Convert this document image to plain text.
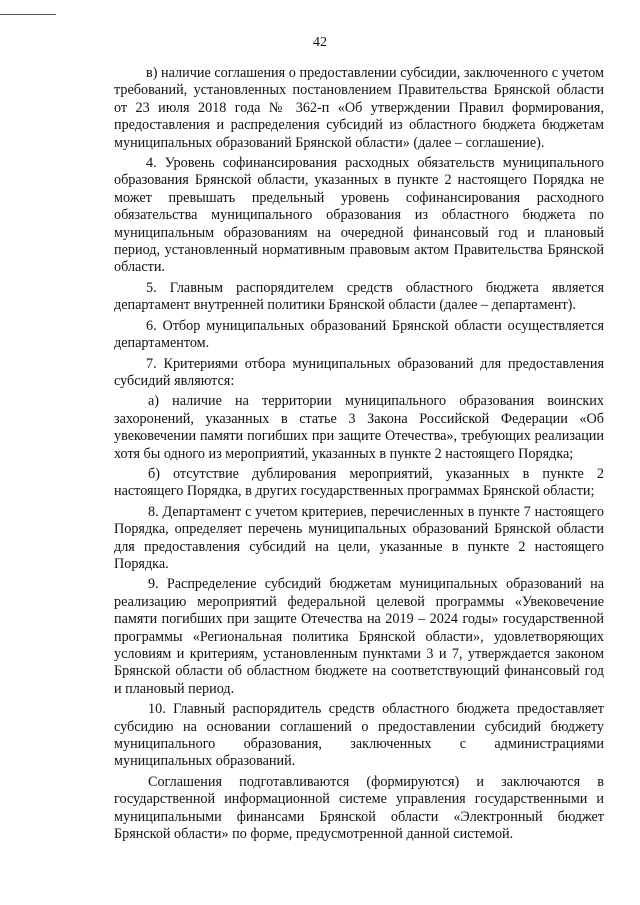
42

в) наличие соглашения о предоставлении субсидии, заключенного с учетом требований, установленных постановлением Правительства Брянской области от 23 июля 2018 года № 362-п «Об утверждении Правил формирования, предоставления и распределения субсидий из областного бюджета бюджетам муниципальных образований Брянской области» (далее – соглашение).

4. Уровень софинансирования расходных обязательств муниципального образования Брянской области, указанных в пункте 2 настоящего Порядка не может превышать предельный уровень софинансирования расходного обязательства муниципального образования из областного бюджета по муниципальным образованиям на очередной финансовый год и плановый период, установленный нормативным правовым актом Правительства Брянской области.

5. Главным распорядителем средств областного бюджета является департамент внутренней политики Брянской области (далее – департамент).

6. Отбор муниципальных образований Брянской области осуществляется департаментом.

7. Критериями отбора муниципальных образований для предоставления субсидий являются:

а) наличие на территории муниципального образования воинских захоронений, указанных в статье 3 Закона Российской Федерации «Об увековечении памяти погибших при защите Отечества», требующих реализации хотя бы одного из мероприятий, указанных в пункте 2 настоящего Порядка;

б) отсутствие дублирования мероприятий, указанных в пункте 2 настоящего Порядка, в других государственных программах Брянской области;

8. Департамент с учетом критериев, перечисленных в пункте 7 настоящего Порядка, определяет перечень муниципальных образований Брянской области для предоставления субсидий на цели, указанные в пункте 2 настоящего Порядка.

9. Распределение субсидий бюджетам муниципальных образований на реализацию мероприятий федеральной целевой программы «Увековечение памяти погибших при защите Отечества на 2019 – 2024 годы» государственной программы «Региональная политика Брянской области», удовлетворяющих условиям и критериям, установленным пунктами 3 и 7, утверждается законом Брянской области об областном бюджете на соответствующий финансовый год и плановый период.

10. Главный распорядитель средств областного бюджета предоставляет субсидию на основании соглашений о предоставлении субсидий бюджету муниципального образования, заключенных с администрациями муниципальных образований.

Соглашения подготавливаются (формируются) и заключаются в государственной информационной системе управления государственными и муниципальными финансами Брянской области «Электронный бюджет Брянской области» по форме, предусмотренной данной системой.
